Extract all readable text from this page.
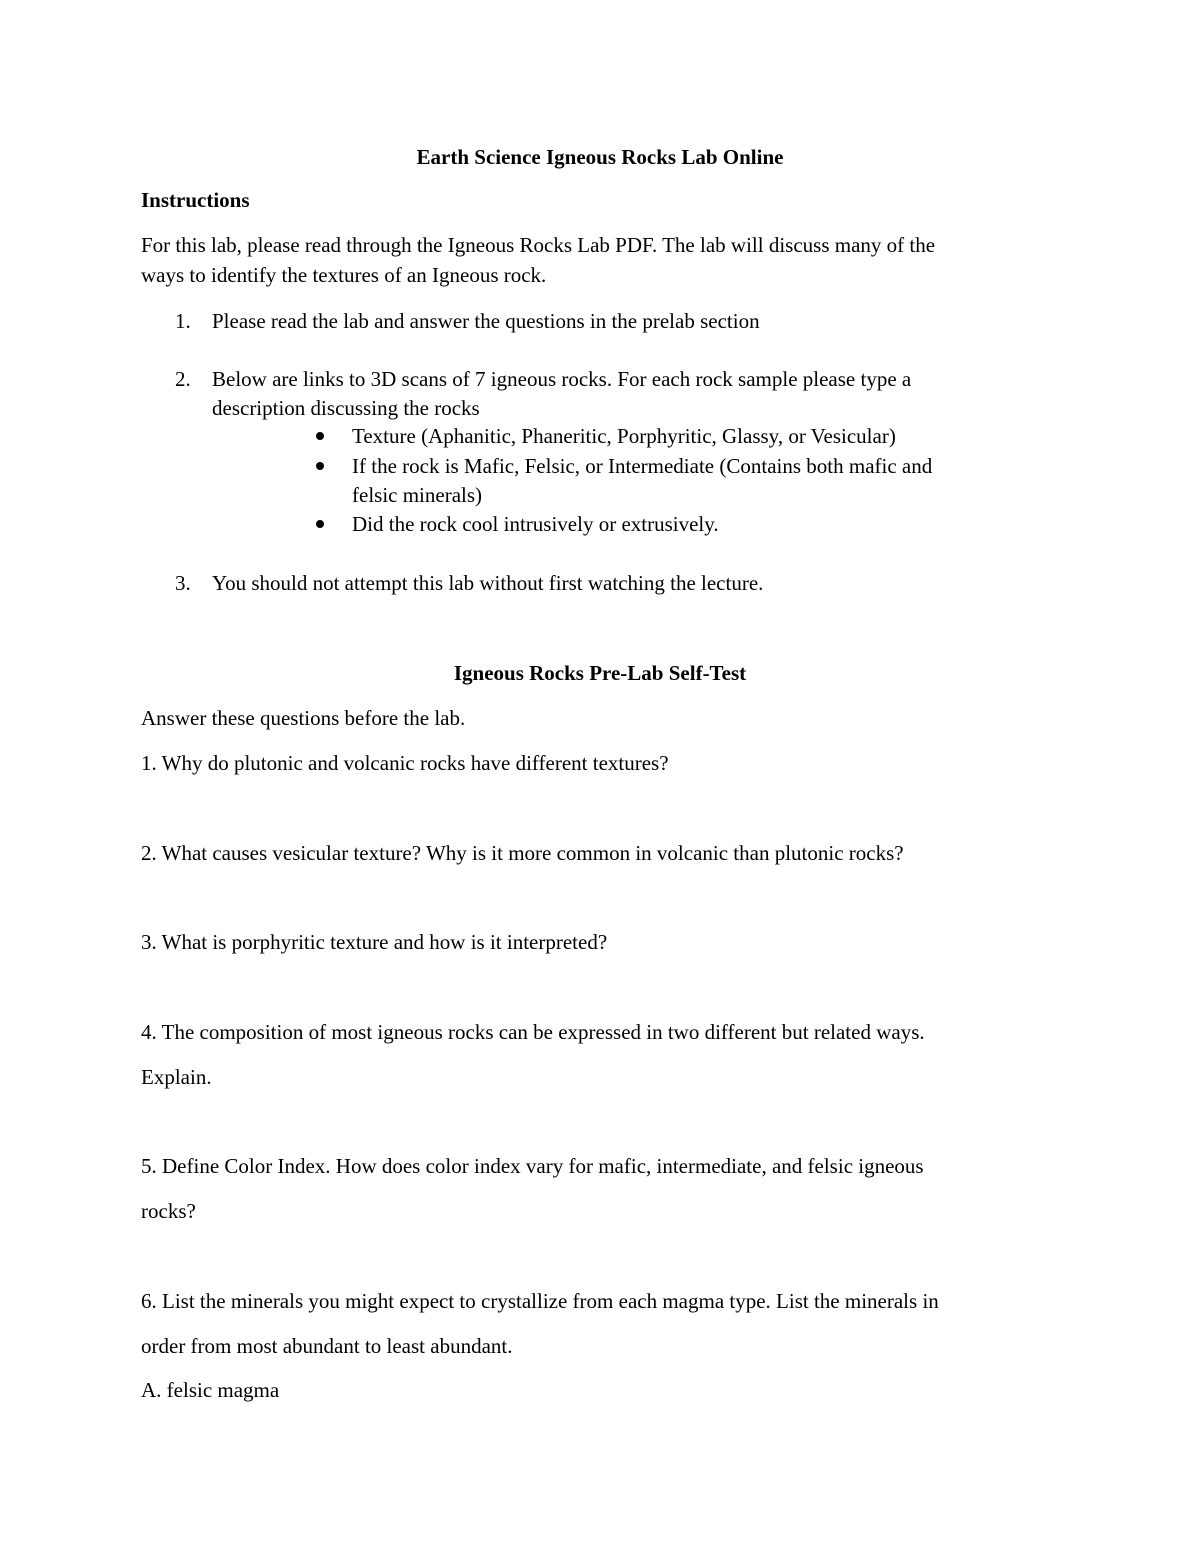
Earth Science Igneous Rocks Lab Online
Instructions
For this lab, please read through the Igneous Rocks Lab PDF. The lab will discuss many of the
ways to identify the textures of an Igneous rock.
1. Please read the lab and answer the questions in the prelab section
2. Below are links to 3D scans of 7 igneous rocks. For each rock sample please type a
description discussing the rocks
Texture (Aphanitic, Phaneritic, Porphyritic, Glassy, or Vesicular)
If the rock is Mafic, Felsic, or Intermediate (Contains both mafic and
felsic minerals)
Did the rock cool intrusively or extrusively.
3. You should not attempt this lab without first watching the lecture.
Igneous Rocks Pre-Lab Self-Test
Answer these questions before the lab.
1. Why do plutonic and volcanic rocks have different textures?
2. What causes vesicular texture? Why is it more common in volcanic than plutonic rocks?
3. What is porphyritic texture and how is it interpreted?
4. The composition of most igneous rocks can be expressed in two different but related ways.
Explain.
5. Define Color Index. How does color index vary for mafic, intermediate, and felsic igneous
rocks?
6. List the minerals you might expect to crystallize from each magma type. List the minerals in
order from most abundant to least abundant.
A. felsic magma
